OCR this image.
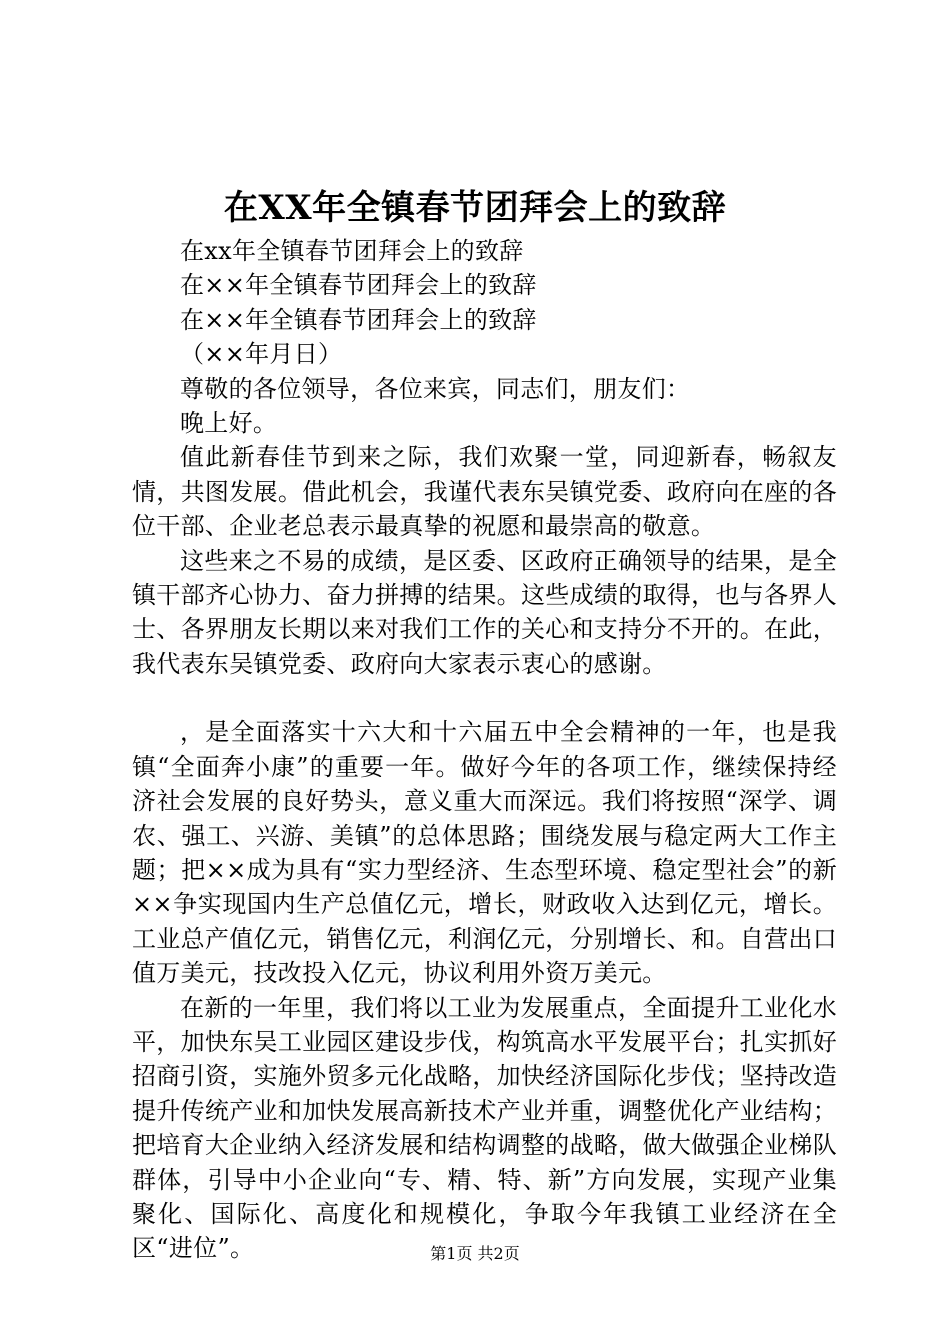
在XX年全镇春节团拜会上的致辞

在xx年全镇春节团拜会上的致辞

在××年全镇春节团拜会上的致辞

在××年全镇春节团拜会上的致辞

（××年月日）

尊敬的各位领导，各位来宾，同志们，朋友们：

晚上好。

值此新春佳节到来之际，我们欢聚一堂，同迎新春，畅叙友情，共图发展。借此机会，我谨代表东吴镇党委、政府向在座的各位干部、企业老总表示最真挚的祝愿和最崇高的敬意。

这些来之不易的成绩，是区委、区政府正确领导的结果，是全镇干部齐心协力、奋力拼搏的结果。这些成绩的取得，也与各界人士、各界朋友长期以来对我们工作的关心和支持分不开的。在此，我代表东吴镇党委、政府向大家表示衷心的感谢。

，是全面落实十六大和十六届五中全会精神的一年，也是我镇“全面奔小康”的重要一年。做好今年的各项工作，继续保持经济社会发展的良好势头，意义重大而深远。我们将按照“深学、调农、强工、兴游、美镇”的总体思路；围绕发展与稳定两大工作主题；把××成为具有“实力型经济、生态型环境、稳定型社会”的新××争实现国内生产总值亿元，增长，财政收入达到亿元，增长。工业总产值亿元，销售亿元，利润亿元，分别增长、和。自营出口值万美元，技改投入亿元，协议利用外资万美元。

在新的一年里，我们将以工业为发展重点，全面提升工业化水平，加快东吴工业园区建设步伐，构筑高水平发展平台；扎实抓好招商引资，实施外贸多元化战略，加快经济国际化步伐；坚持改造提升传统产业和加快发展高新技术产业并重，调整优化产业结构；把培育大企业纳入经济发展和结构调整的战略，做大做强企业梯队群体，引导中小企业向“专、精、特、新”方向发展，实现产业集聚化、国际化、高度化和规模化，争取今年我镇工业经济在全区“进位”。	第1页 共2页
